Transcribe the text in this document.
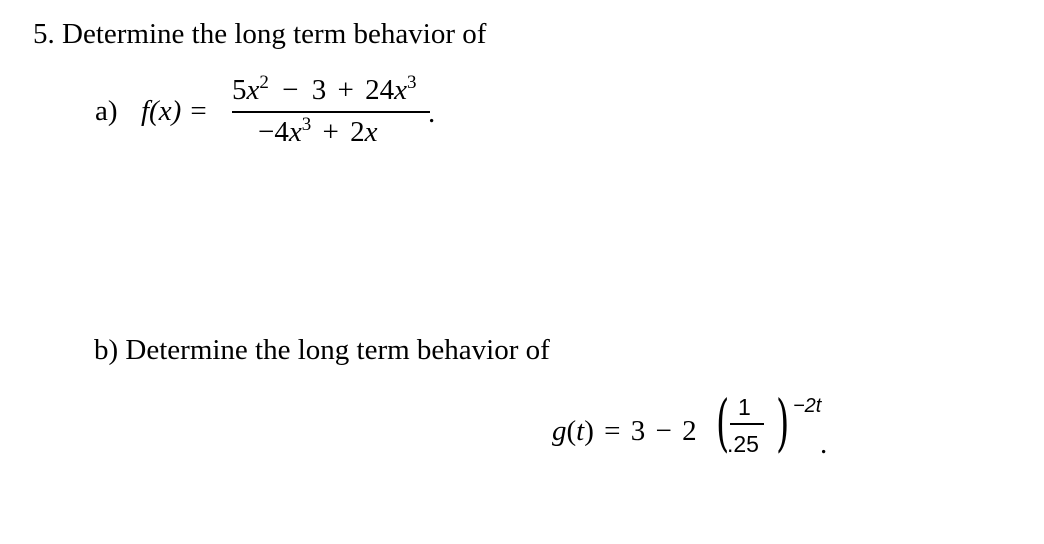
5. Determine the long term behavior of
a) f(x) =
$5x^2 - 3 + 24x^3$
$-4x^3 + 2x$
.
b) Determine the long term behavior of
g(t) = 3 − 2 ( )
1
.25
−2t
.
